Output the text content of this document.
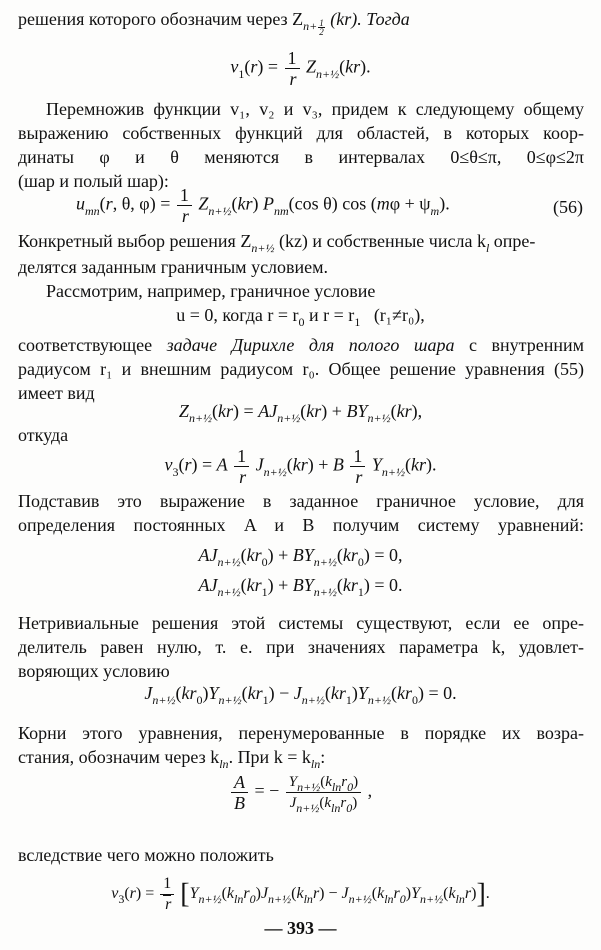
решения которого обозначим через $Z_{n+ \frac{1}{2}}$ (kr). Тогда
$v_1(r) = \frac{1}{r} Z_{n+\frac{1}{2}}(kr)$.
Перемножив функции v₁, v₂ и v₃, придем к следующему общему
выражению собственных функций для областей, в которых коор-
динаты φ и θ меняются в интервалах 0≤θ≤π, 0≤φ≤2π
(шар и полый шар):
$u_{mn}(r$, θ, $\varphi) = \frac{1}{r} Z_{n+\frac{1}{2}}(kr)$ $P_{nm}(\cos$ θ) $\cos (m\varphi + \psi_m)$.	(56)
Конкретный выбор решения $Z_{n+\frac{1}{2}}$ (kz) и собственные числа $k_l$ опре-
делятся заданным граничным условием.
Рассмотрим, например, граничное условие
u = 0, когда $r = r_0$ и $r = r_1$ (r₁≠r₀),
соответствующее задаче Дирихле для полого шара с внутренним
радиусом r₁ и внешним радиусом r₀. Общее решение уравнения (55)
имеет вид
$Z_{n+\frac{1}{2}}(kr) = AJ_{n+\frac{1}{2}}(kr) + BY_{n+\frac{1}{2}}(kr)$,
откуда
$v_3(r) = A \frac{1}{r} J_{n+\frac{1}{2}}(kr) + B \frac{1}{r} Y_{n+\frac{1}{2}}(kr)$.
Подставив это выражение в заданное граничное условие, для
определения постоянных A и B получим систему уравнений:
$AJ_{n+\frac{1}{2}}(kr_0) + BY_{n+\frac{1}{2}}(kr_0) = 0$,
$AJ_{n+\frac{1}{2}}(kr_1) + BY_{n+\frac{1}{2}}(kr_1) = 0$.
Нетривиальные решения этой системы существуют, если ее опре-
делитель равен нулю, т. е. при значениях параметра k, удовлет-
воряющих условию
$J_{n+\frac{1}{2}}(kr_0)Y_{n+\frac{1}{2}}(kr_1) - J_{n+\frac{1}{2}}(kr_1)Y_{n+\frac{1}{2}}(kr_0) = 0$.
Корни этого уравнения, перенумерованные в порядке их возра-
стания, обозначим через $k_{ln}$. При $k = k_{ln}$:
$\frac{A}{B}$ = − $\frac{Y_{n+\frac{1}{2}}(k_{ln}r_0)}{J_{n+\frac{1}{2}}(k_{ln}r_0)}$ ,
вследствие чего можно положить
$v_3(r) = \frac{1}{r} [Y_{n+\frac{1}{2}}(k_{ln}r_0)J_{n+\frac{1}{2}}(k_{ln}r) - J_{n+\frac{1}{2}}(k_{ln}r_0)Y_{n+\frac{1}{2}}(k_{ln}r)]$.
— 393 —
